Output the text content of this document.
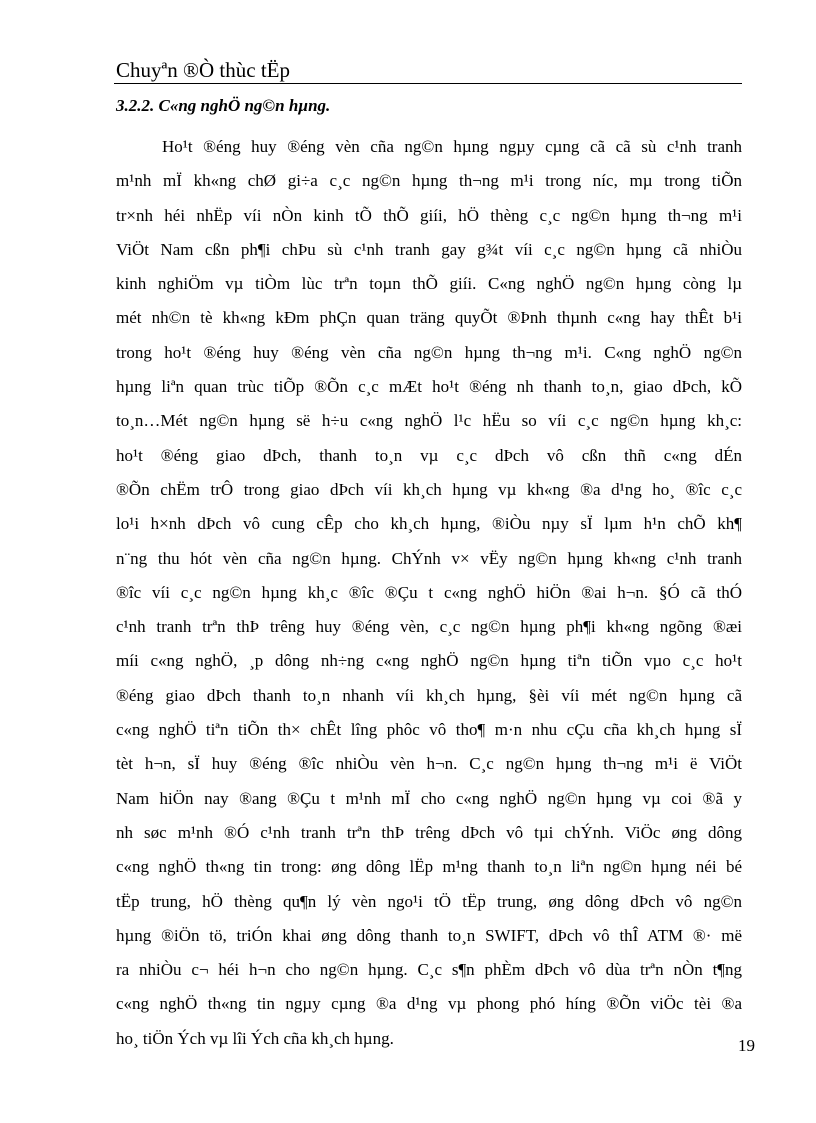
Chuyªn ®Ò thùc tËp
3.2.2. C«ng nghÖ ng©n hµng.
Ho¹t ®éng huy ®éng vèn cña ng©n hµng ngµy cµng cã cã sù c¹nh tranh
m¹nh mÏ kh«ng chØ gi÷a c¸c ng©n hµng th¬ng m¹i trong níc, mµ trong tiÕn
tr×nh héi nhËp víi nÒn kinh tÕ thÕ giíi, hÖ thèng c¸c ng©n hµng th¬ng m¹i
ViÖt Nam cßn ph¶i chÞu sù c¹nh tranh gay g¾t víi c¸c ng©n hµng cã nhiÒu
kinh nghiÖm vµ tiÒm lùc trªn toµn thÕ giíi. C«ng nghÖ ng©n hµng còng lµ
mét nh©n tè kh«ng kÐm phÇn quan träng quyÕt ®Þnh thµnh c«ng hay thÊt b¹i
trong ho¹t ®éng huy ®éng vèn cña ng©n hµng th¬ng m¹i. C«ng nghÖ ng©n
hµng liªn quan trùc tiÕp ®Õn c¸c mÆt ho¹t ®éng nh thanh to¸n, giao dÞch, kÕ
to¸n…Mét ng©n hµng së h÷u c«ng nghÖ l¹c hËu so víi c¸c ng©n hµng kh¸c:
ho¹t ®éng giao dÞch, thanh to¸n vµ c¸c dÞch vô cßn thñ c«ng dÉn
®Õn chËm trÔ trong giao dÞch víi kh¸ch hµng vµ kh«ng ®a d¹ng ho¸ ®îc c¸c
lo¹i h×nh dÞch vô cung cÊp cho kh¸ch hµng, ®iÒu nµy sÏ lµm h¹n chÕ kh¶
n¨ng thu hót vèn cña ng©n hµng. ChÝnh v× vËy ng©n hµng kh«ng c¹nh tranh
®îc víi c¸c ng©n hµng kh¸c ®îc ®Çu t c«ng nghÖ hiÖn ®ai h¬n. §Ó cã thÓ
c¹nh tranh trªn thÞ trêng huy ®éng vèn, c¸c ng©n hµng ph¶i kh«ng ngõng ®æi
míi c«ng nghÖ, ¸p dông nh÷ng c«ng nghÖ ng©n hµng tiªn tiÕn vµo c¸c ho¹t
®éng giao dÞch thanh to¸n nhanh víi kh¸ch hµng, §èi víi mét ng©n hµng cã
c«ng nghÖ tiªn tiÕn th× chÊt lîng phôc vô tho¶ m·n nhu cÇu cña kh¸ch hµng sÏ
tèt h¬n, sÏ huy ®éng ®îc nhiÒu vèn h¬n. C¸c ng©n hµng th¬ng m¹i ë ViÖt
Nam hiÖn nay ®ang ®Çu t m¹nh mÏ cho c«ng nghÖ ng©n hµng vµ coi ®ã y
nh søc m¹nh ®Ó c¹nh tranh trªn thÞ trêng dÞch vô tµi chÝnh. ViÖc øng dông
c«ng nghÖ th«ng tin trong: øng dông lËp m¹ng thanh to¸n liªn ng©n hµng néi bé
tËp trung, hÖ thèng qu¶n lý vèn ngo¹i tÖ tËp trung, øng dông dÞch vô ng©n
hµng ®iÖn tö, triÓn khai øng dông thanh to¸n SWIFT, dÞch vô thÎ ATM ®· më
ra nhiÒu c¬ héi h¬n cho ng©n hµng. C¸c s¶n phÈm dÞch vô dùa trªn nÒn t¶ng
c«ng nghÖ th«ng tin ngµy cµng ®a d¹ng vµ phong phó híng ®Õn viÖc tèi ®a
ho¸ tiÖn Ých vµ lîi Ých cña kh¸ch hµng.	19
